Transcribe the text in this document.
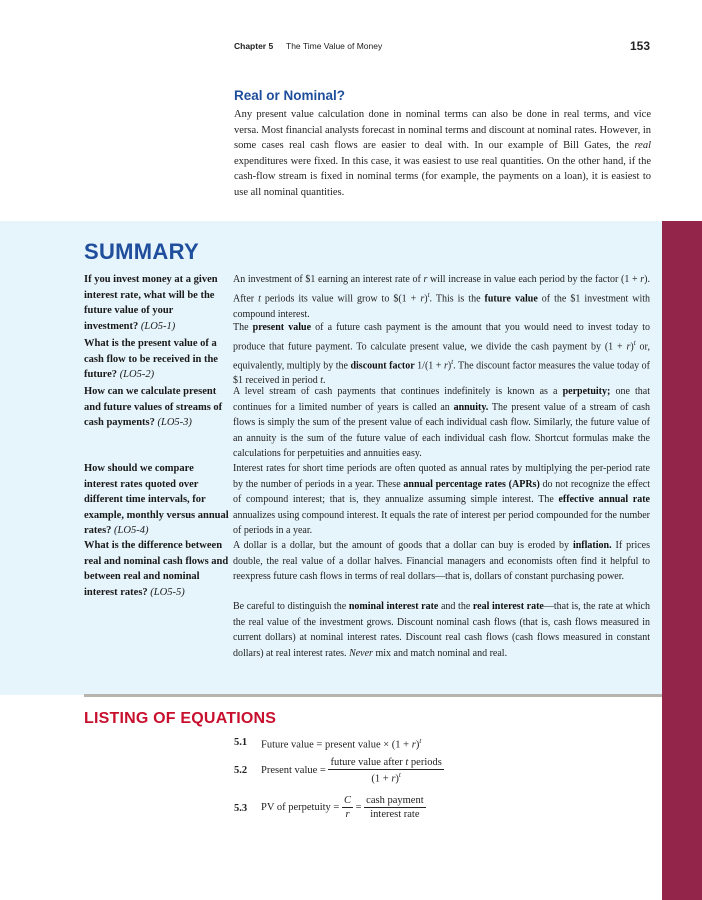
Chapter 5 The Time Value of Money	153
Real or Nominal?

Any present value calculation done in nominal terms can also be done in real terms, and vice versa. Most financial analysts forecast in nominal terms and discount at nominal rates. However, in some cases real cash flows are easier to deal with. In our example of Bill Gates, the real expenditures were fixed. In this case, it was easiest to use real quantities. On the other hand, if the cash-flow stream is fixed in nominal terms (for example, the payments on a loan), it is easiest to use all nominal quantities.

SUMMARY
If you invest money at a given interest rate, what will be the future value of your investment? (LO5-1)
What is the present value of a cash flow to be received in the future? (LO5-2)
How can we calculate present and future values of streams of cash payments? (LO5-3)
How should we compare interest rates quoted over different time intervals, for example, monthly versus annual rates? (LO5-4)
What is the difference between real and nominal cash flows and between real and nominal interest rates? (LO5-5)

An investment of $1 earning an interest rate of r will increase in value each period by the factor (1 + r). After t periods its value will grow to $(1 + r)$^t$. This is the future value of the $1 investment with compound interest.

The present value of a future cash payment is the amount that you would need to invest today to produce that future payment. To calculate present value, we divide the cash payment by $(1 + r)^t$ or, equivalently, multiply by the discount factor $1/(1 + r)^t$. The discount factor measures the value today of $1 received in period t.

A level stream of cash payments that continues indefinitely is known as a perpetuity; one that continues for a limited number of years is called an annuity. The present value of a stream of cash flows is simply the sum of the present value of each individual cash flow. Similarly, the future value of an annuity is the sum of the future value of each individual cash flow. Shortcut formulas make the calculations for perpetuities and annuities easy.

Interest rates for short time periods are often quoted as annual rates by multiplying the per-period rate by the number of periods in a year. These annual percentage rates (APRs) do not recognize the effect of compound interest; that is, they annualize assuming simple interest. The effective annual rate annualizes using compound interest. It equals the rate of interest per period compounded for the number of periods in a year.

A dollar is a dollar, but the amount of goods that a dollar can buy is eroded by inflation. If prices double, the real value of a dollar halves. Financial managers and economists often find it helpful to reexpress future cash flows in terms of real dollars—that is, dollars of constant purchasing power.

Be careful to distinguish the nominal interest rate and the real interest rate—that is, the rate at which the real value of the investment grows. Discount nominal cash flows (that is, cash flows measured in current dollars) at nominal interest rates. Discount real cash flows (cash flows measured in constant dollars) at real interest rates. Never mix and match nominal and real.

LISTING OF EQUATIONS
5.1 Future value = present value × $(1 + r)^t$
5.2 Present value = $\frac{\text{future value after t periods}}{(1 + r)^t}$
5.3 PV of perpetuity = $\frac{C}{r} = \frac{\text{cash payment}}{\text{interest rate}}$
